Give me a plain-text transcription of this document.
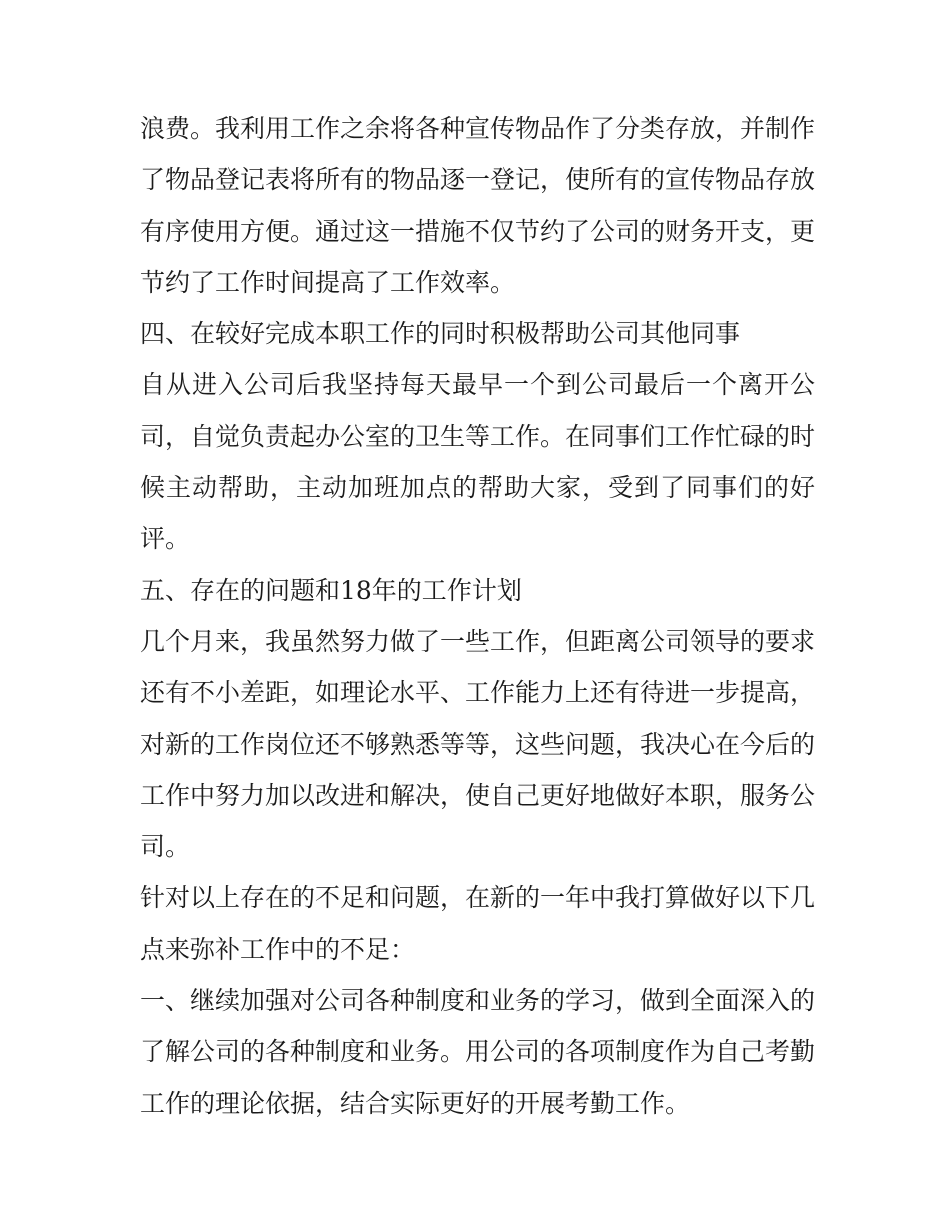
浪费。我利用工作之余将各种宣传物品作了分类存放，并制作
了物品登记表将所有的物品逐一登记，使所有的宣传物品存放
有序使用方便。通过这一措施不仅节约了公司的财务开支，更
节约了工作时间提高了工作效率。
四、在较好完成本职工作的同时积极帮助公司其他同事
自从进入公司后我坚持每天最早一个到公司最后一个离开公
司，自觉负责起办公室的卫生等工作。在同事们工作忙碌的时
候主动帮助，主动加班加点的帮助大家，受到了同事们的好
评。
五、存在的问题和18年的工作计划
几个月来，我虽然努力做了一些工作，但距离公司领导的要求
还有不小差距，如理论水平、工作能力上还有待进一步提高，
对新的工作岗位还不够熟悉等等，这些问题，我决心在今后的
工作中努力加以改进和解决，使自己更好地做好本职，服务公
司。
针对以上存在的不足和问题，在新的一年中我打算做好以下几
点来弥补工作中的不足：
一、继续加强对公司各种制度和业务的学习，做到全面深入的
了解公司的各种制度和业务。用公司的各项制度作为自己考勤
工作的理论依据，结合实际更好的开展考勤工作。
